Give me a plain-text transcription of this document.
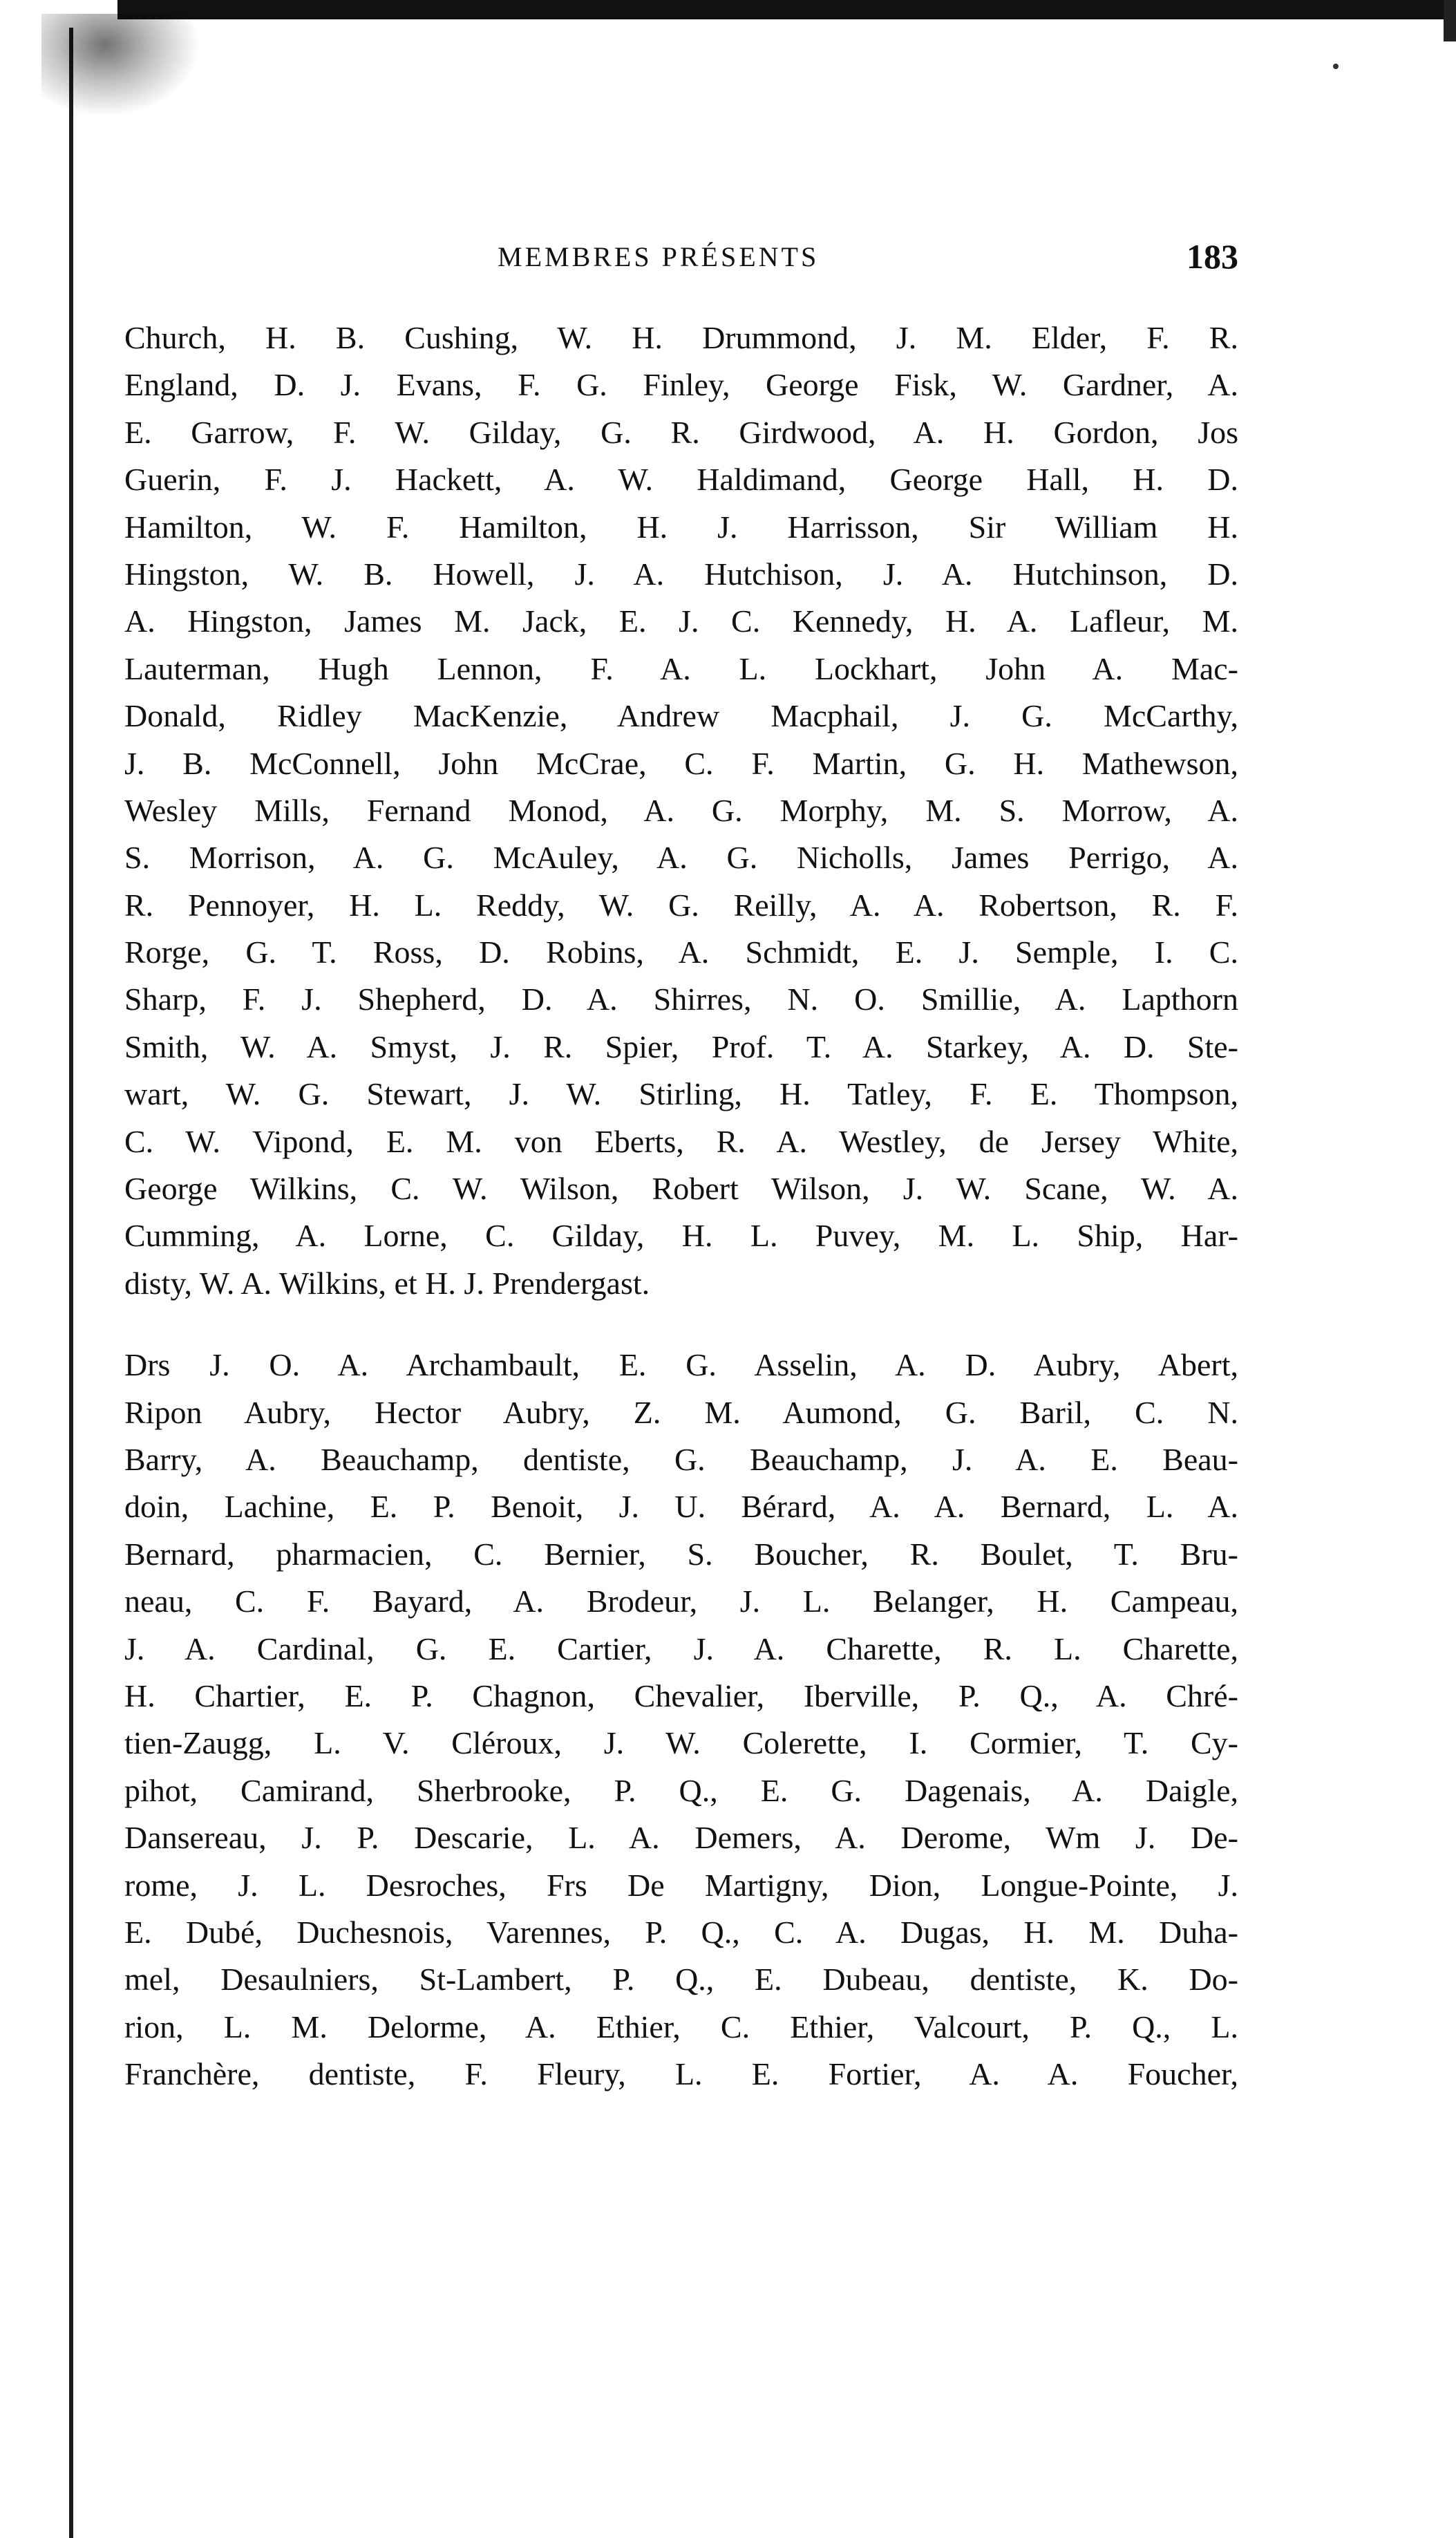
MEMBRES PRÉSENTS	183
Church, H. B. Cushing, W. H. Drummond, J. M. Elder, F. R.
England, D. J. Evans, F. G. Finley, George Fisk, W. Gardner, A.
E. Garrow, F. W. Gilday, G. R. Girdwood, A. H. Gordon, Jos
Guerin, F. J. Hackett, A. W. Haldimand, George Hall, H. D.
Hamilton, W. F. Hamilton, H. J. Harrisson, Sir William H.
Hingston, W. B. Howell, J. A. Hutchison, J. A. Hutchinson, D.
A. Hingston, James M. Jack, E. J. C. Kennedy, H. A. Lafleur, M.
Lauterman, Hugh Lennon, F. A. L. Lockhart, John A. Mac-
Donald, Ridley MacKenzie, Andrew Macphail, J. G. McCarthy,
J. B. McConnell, John McCrae, C. F. Martin, G. H. Mathewson,
Wesley Mills, Fernand Monod, A. G. Morphy, M. S. Morrow, A.
S. Morrison, A. G. McAuley, A. G. Nicholls, James Perrigo, A.
R. Pennoyer, H. L. Reddy, W. G. Reilly, A. A. Robertson, R. F.
Rorge, G. T. Ross, D. Robins, A. Schmidt, E. J. Semple, I. C.
Sharp, F. J. Shepherd, D. A. Shirres, N. O. Smillie, A. Lapthorn
Smith, W. A. Smyst, J. R. Spier, Prof. T. A. Starkey, A. D. Ste-
wart, W. G. Stewart, J. W. Stirling, H. Tatley, F. E. Thompson,
C. W. Vipond, E. M. von Eberts, R. A. Westley, de Jersey White,
George Wilkins, C. W. Wilson, Robert Wilson, J. W. Scane, W. A.
Cumming, A. Lorne, C. Gilday, H. L. Puvey, M. L. Ship, Har-
disty, W. A. Wilkins, et H. J. Prendergast.
Drs J. O. A. Archambault, E. G. Asselin, A. D. Aubry, Abert,
Ripon Aubry, Hector Aubry, Z. M. Aumond, G. Baril, C. N.
Barry, A. Beauchamp, dentiste, G. Beauchamp, J. A. E. Beau-
doin, Lachine, E. P. Benoit, J. U. Bérard, A. A. Bernard, L. A.
Bernard, pharmacien, C. Bernier, S. Boucher, R. Boulet, T. Bru-
neau, C. F. Bayard, A. Brodeur, J. L. Belanger, H. Campeau,
J. A. Cardinal, G. E. Cartier, J. A. Charette, R. L. Charette,
H. Chartier, E. P. Chagnon, Chevalier, Iberville, P. Q., A. Chré-
tien-Zaugg, L. V. Cléroux, J. W. Colerette, I. Cormier, T. Cy-
pihot, Camirand, Sherbrooke, P. Q., E. G. Dagenais, A. Daigle,
Dansereau, J. P. Descarie, L. A. Demers, A. Derome, Wm J. De-
rome, J. L. Desroches, Frs De Martigny, Dion, Longue-Pointe, J.
E. Dubé, Duchesnois, Varennes, P. Q., C. A. Dugas, H. M. Duha-
mel, Desaulniers, St-Lambert, P. Q., E. Dubeau, dentiste, K. Do-
rion, L. M. Delorme, A. Ethier, C. Ethier, Valcourt, P. Q., L.
Franchère, dentiste, F. Fleury, L. E. Fortier, A. A. Foucher,
